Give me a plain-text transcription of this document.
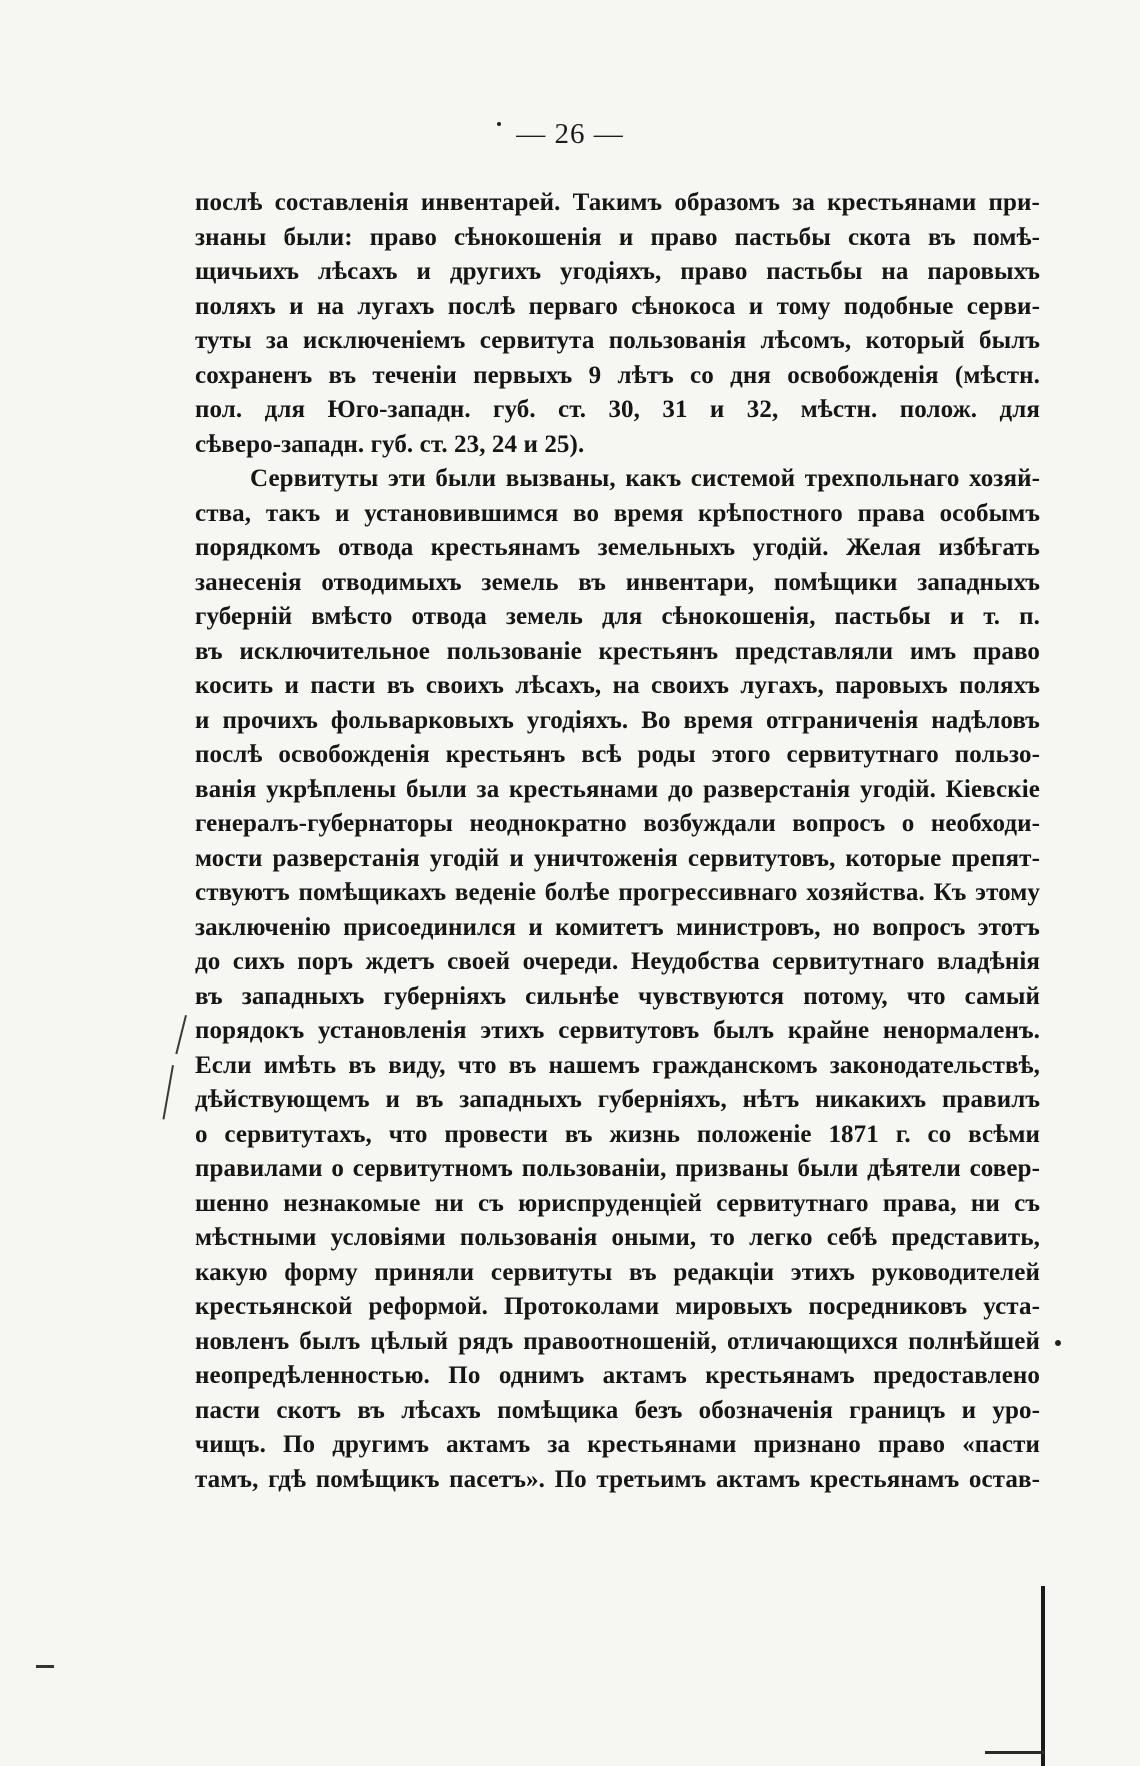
— 26 —
послѣ составленія инвентарей. Такимъ образомъ за крестьянами при-
знаны были: право сѣнокошенія и право пастьбы скота въ помѣ-
щичьихъ лѣсахъ и другихъ угодіяхъ, право пастьбы на паровыхъ
поляхъ и на лугахъ послѣ перваго сѣнокоса и тому подобные серви-
туты за исключеніемъ сервитута пользованія лѣсомъ, который былъ
сохраненъ въ теченіи первыхъ 9 лѣтъ со дня освобожденія (мѣстн.
пол. для Юго-западн. губ. ст. 30, 31 и 32, мѣстн. полож. для
сѣверо-западн. губ. ст. 23, 24 и 25).
Сервитуты эти были вызваны, какъ системой трехпольнаго хозяй-
ства, такъ и установившимся во время крѣпостного права особымъ
порядкомъ отвода крестьянамъ земельныхъ угодій. Желая избѣгать
занесенія отводимыхъ земель въ инвентари, помѣщики западныхъ
губерній вмѣсто отвода земель для сѣнокошенія, пастьбы и т. п.
въ исключительное пользованіе крестьянъ представляли имъ право
косить и пасти въ своихъ лѣсахъ, на своихъ лугахъ, паровыхъ поляхъ
и прочихъ фольварковыхъ угодіяхъ. Во время отграниченія надѣловъ
послѣ освобожденія крестьянъ всѣ роды этого сервитутнаго пользо-
ванія укрѣплены были за крестьянами до разверстанія угодій. Кіевскіе
генералъ-губернаторы неоднократно возбуждали вопросъ о необходи-
мости разверстанія угодій и уничтоженія сервитутовъ, которые препят-
ствуютъ помѣщикахъ веденіе болѣе прогрессивнаго хозяйства. Къ этому
заключенію присоединился и комитетъ министровъ, но вопросъ этотъ
до сихъ поръ ждетъ своей очереди. Неудобства сервитутнаго владѣнія
въ западныхъ губерніяхъ сильнѣе чувствуются потому, что самый
порядокъ установленія этихъ сервитутовъ былъ крайне ненормаленъ.
Если имѣть въ виду, что въ нашемъ гражданскомъ законодательствѣ,
дѣйствующемъ и въ западныхъ губерніяхъ, нѣтъ никакихъ правилъ
о сервитутахъ, что провести въ жизнь положеніе 1871 г. со всѣми
правилами о сервитутномъ пользованіи, призваны были дѣятели совер-
шенно незнакомые ни съ юриспруденціей сервитутнаго права, ни съ
мѣстными условіями пользованія оными, то легко себѣ представить,
какую форму приняли сервитуты въ редакціи этихъ руководителей
крестьянской реформой. Протоколами мировыхъ посредниковъ уста-
новленъ былъ цѣлый рядъ правоотношеній, отличающихся полнѣйшей
неопредѣленностью. По однимъ актамъ крестьянамъ предоставлено
пасти скотъ въ лѣсахъ помѣщика безъ обозначенія границъ и уро-
чищъ. По другимъ актамъ за крестьянами признано право «пасти
тамъ, гдѣ помѣщикъ пасетъ». По третьимъ актамъ крестьянамъ остав-
